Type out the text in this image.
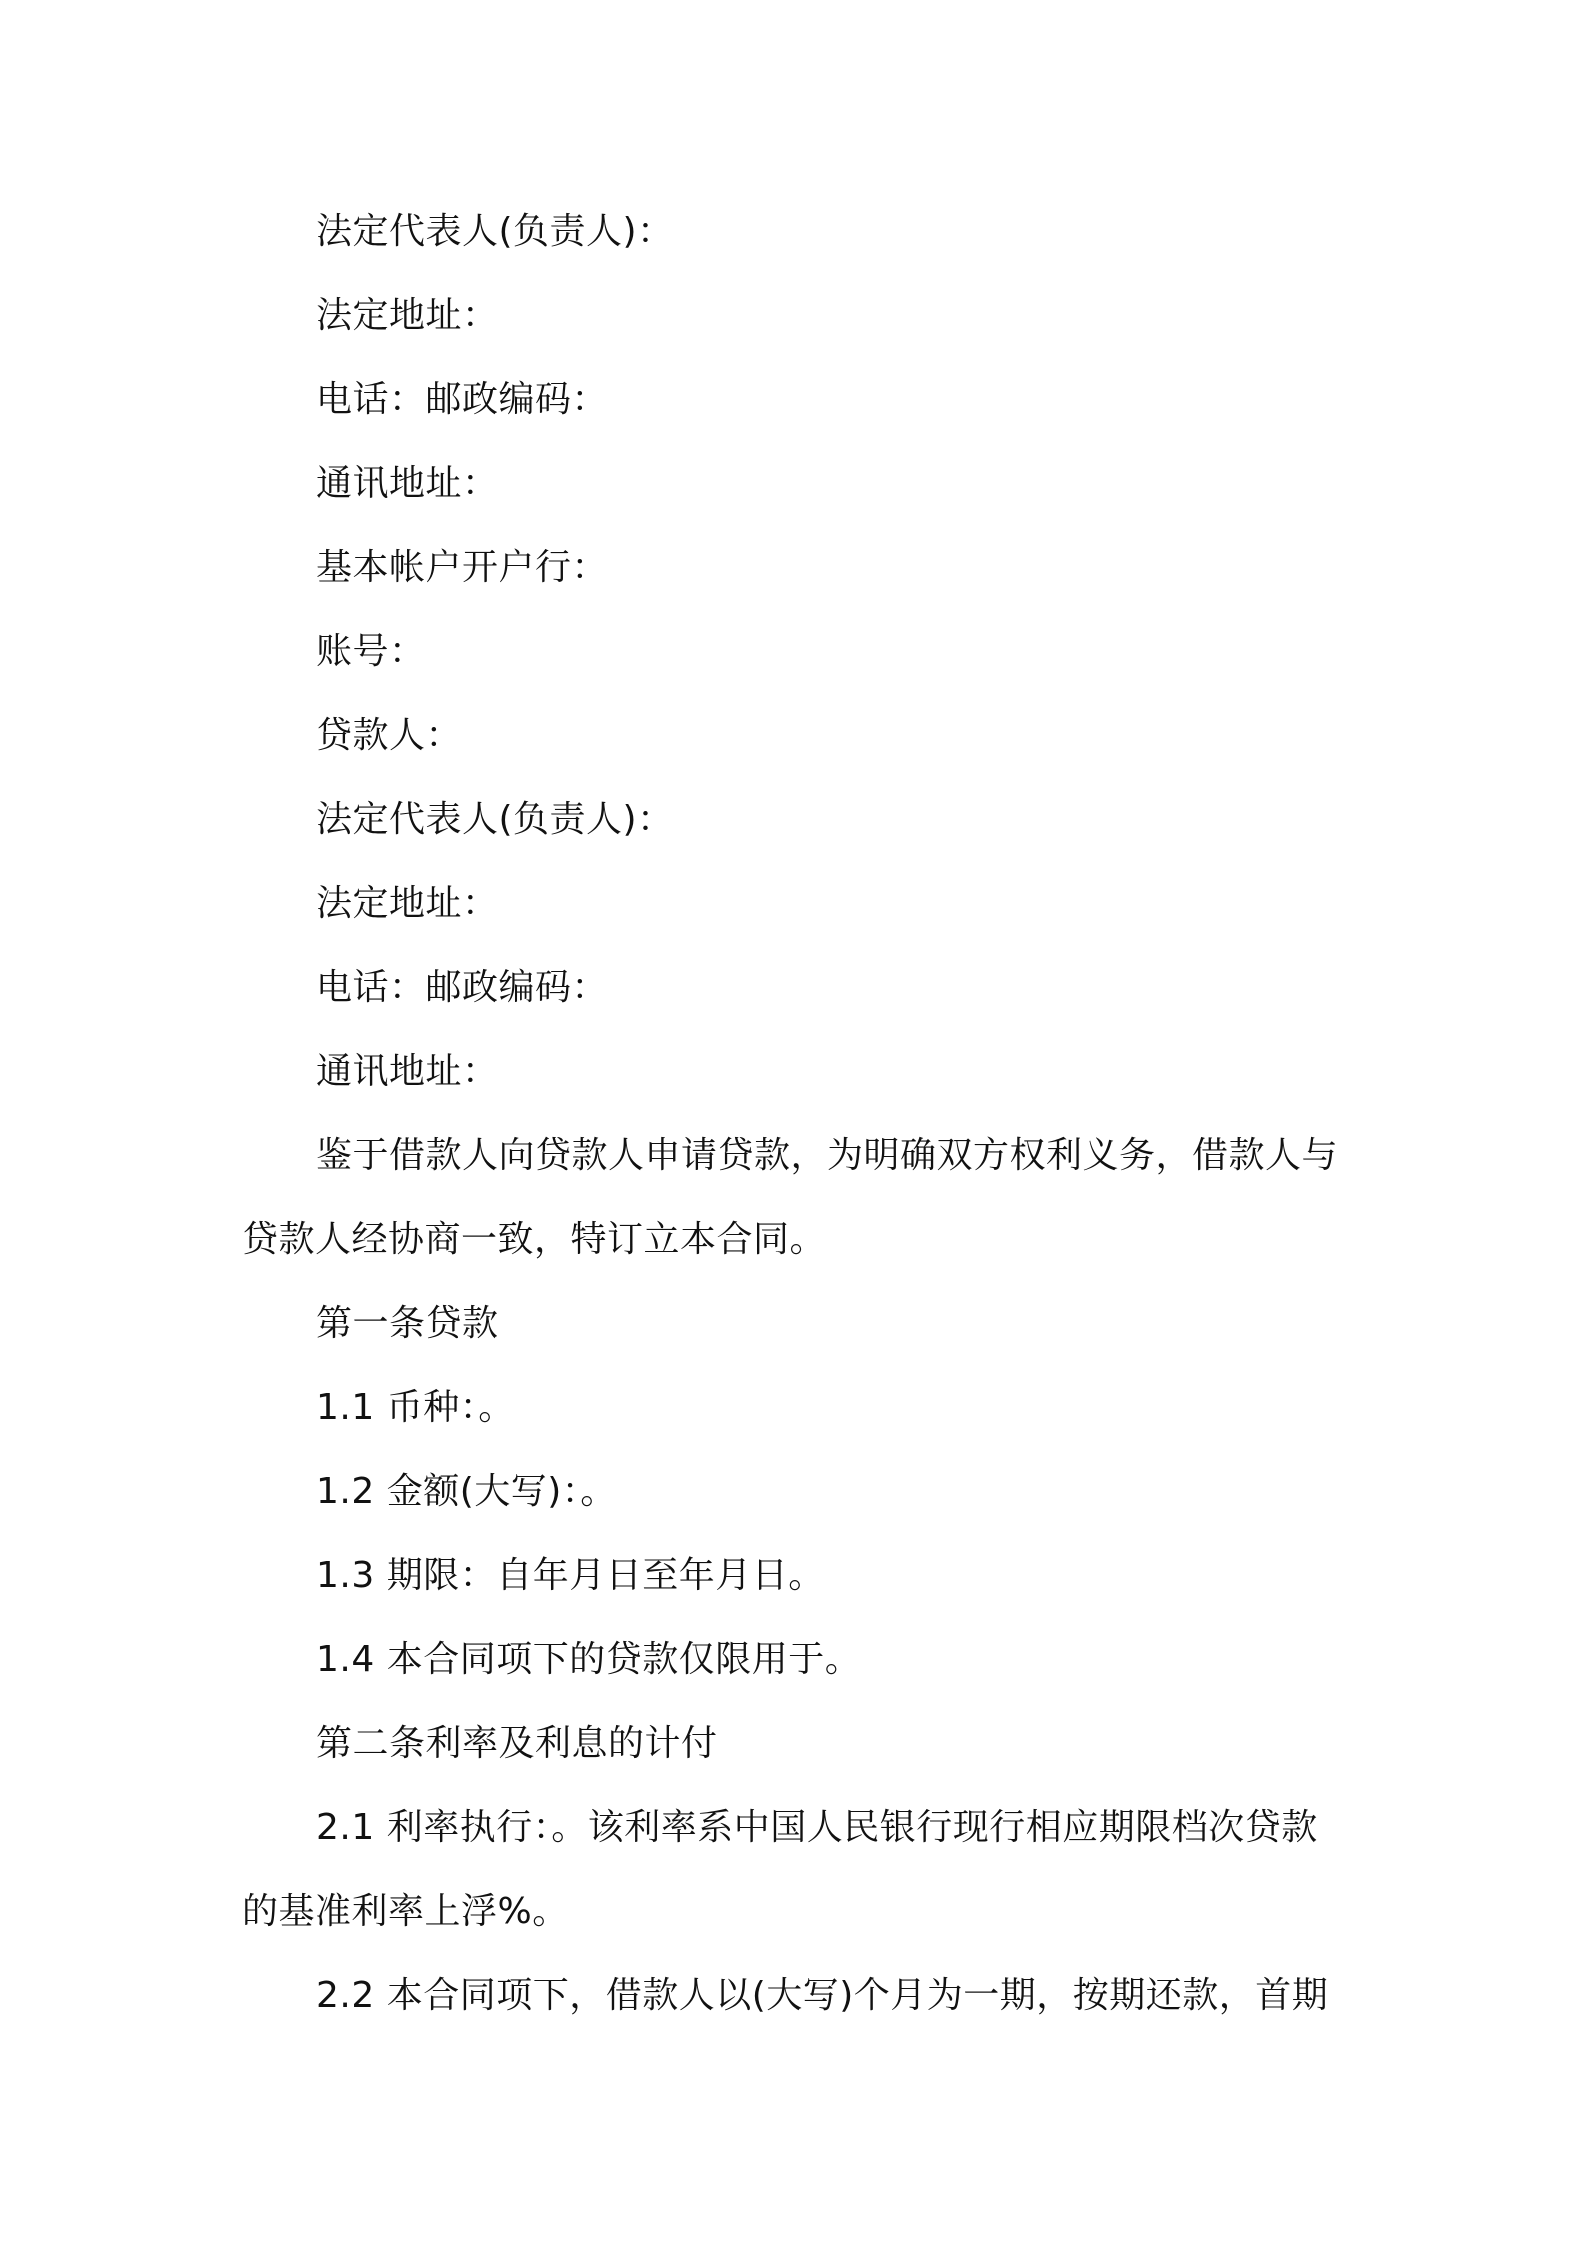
法定代表人(负责人)：

法定地址：

电话：邮政编码：

通讯地址：

基本帐户开户行：

账号：

贷款人：

法定代表人(负责人)：

法定地址：

电话：邮政编码：

通讯地址：

鉴于借款人向贷款人申请贷款，为明确双方权利义务，借款人与贷款人经协商一致，特订立本合同。

第一条贷款

1.1 币种：。

1.2 金额(大写)：。

1.3 期限：自年月日至年月日。

1.4 本合同项下的贷款仅限用于。

第二条利率及利息的计付

2.1 利率执行：。该利率系中国人民银行现行相应期限档次贷款的基准利率上浮%。

2.2 本合同项下，借款人以(大写)个月为一期，按期还款，首期
